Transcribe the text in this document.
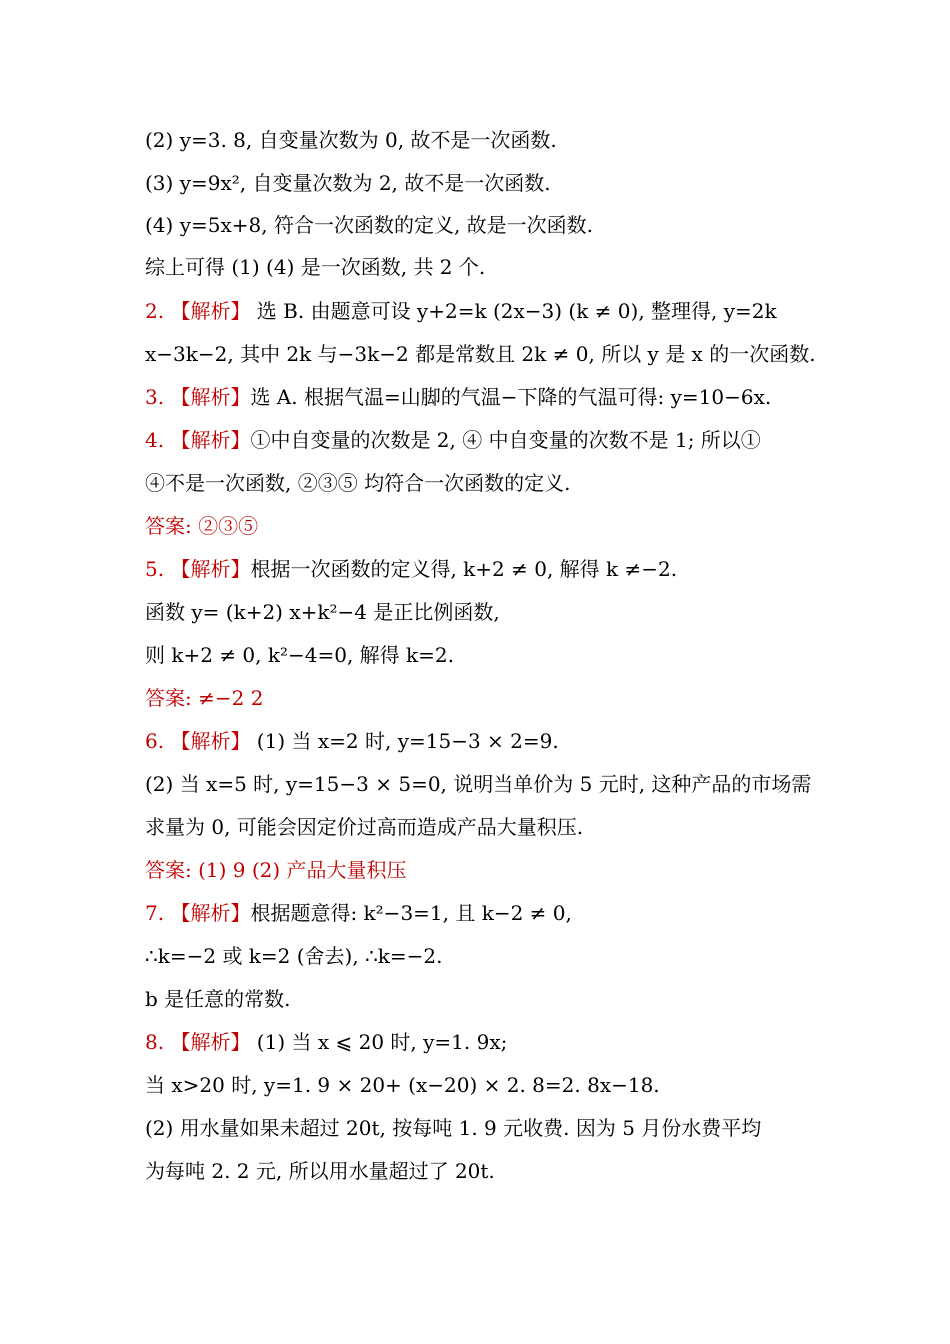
(2) y=3. 8, 自变量次数为 0, 故不是一次函数.
(3) y=9x², 自变量次数为 2, 故不是一次函数.
(4) y=5x+8, 符合一次函数的定义, 故是一次函数.
综上可得 (1) (4) 是一次函数, 共 2 个.
2. 【解析】 选 B. 由题意可设 y+2=k (2x−3) (k ≠ 0), 整理得, y=2k
x−3k−2, 其中 2k 与−3k−2 都是常数且 2k ≠ 0, 所以 y 是 x 的一次函数.
3. 【解析】选 A. 根据气温=山脚的气温−下降的气温可得: y=10−6x.
4. 【解析】①中自变量的次数是 2, ④ 中自变量的次数不是 1; 所以①
④不是一次函数, ②③⑤ 均符合一次函数的定义.
答案: ②③⑤
5. 【解析】根据一次函数的定义得, k+2 ≠ 0, 解得 k ≠−2.
函数 y= (k+2) x+k²−4 是正比例函数,
则 k+2 ≠ 0, k²−4=0, 解得 k=2.
答案: ≠−2 2
6. 【解析】 (1) 当 x=2 时, y=15−3 × 2=9.
(2) 当 x=5 时, y=15−3 × 5=0, 说明当单价为 5 元时, 这种产品的市场需
求量为 0, 可能会因定价过高而造成产品大量积压.
答案: (1) 9 (2) 产品大量积压
7. 【解析】根据题意得: k²−3=1, 且 k−2 ≠ 0,
∴k=−2 或 k=2 (舍去), ∴k=−2.
b 是任意的常数.
8. 【解析】 (1) 当 x ⩽ 20 时, y=1. 9x;
当 x>20 时, y=1. 9 × 20+ (x−20) × 2. 8=2. 8x−18.
(2) 用水量如果未超过 20t, 按每吨 1. 9 元收费. 因为 5 月份水费平均
为每吨 2. 2 元, 所以用水量超过了 20t.
